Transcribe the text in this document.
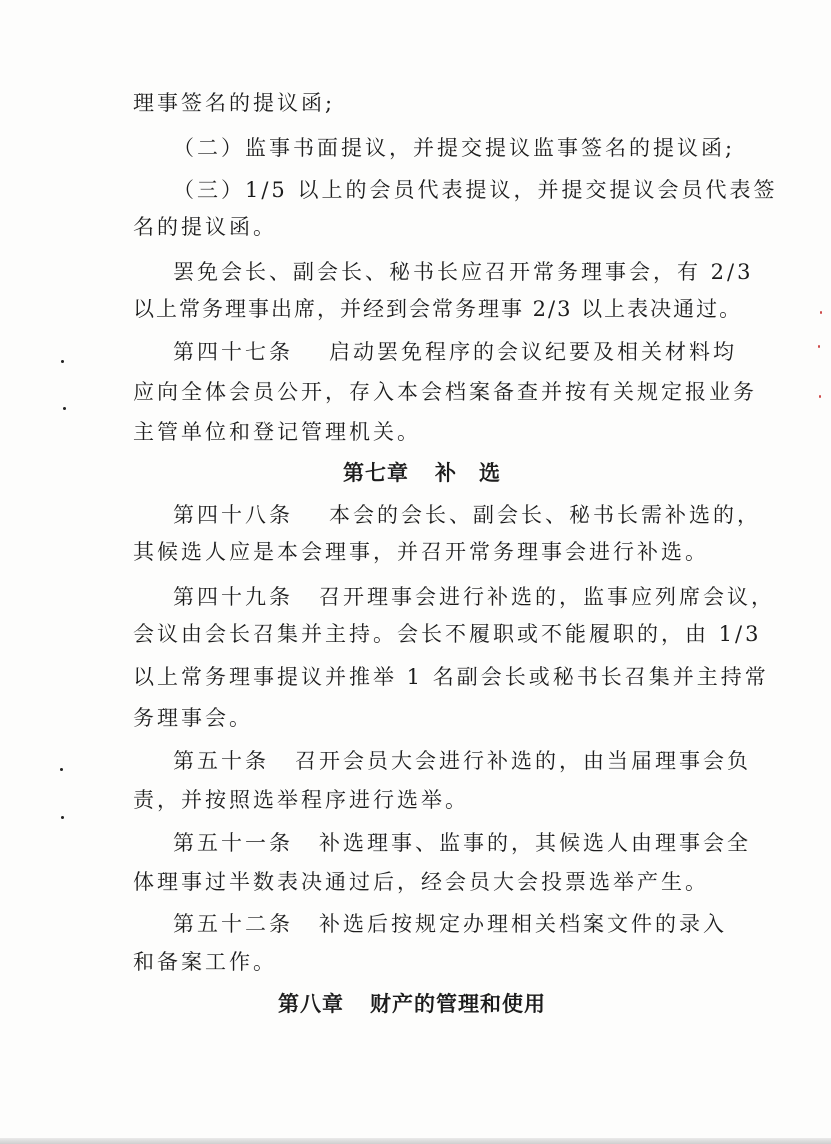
理事签名的提议函;
（二）监事书面提议，并提交提议监事签名的提议函;
（三）1/5 以上的会员代表提议，并提交提议会员代表签
名的提议函。
罢免会长、副会长、秘书长应召开常务理事会，有 2/3
以上常务理事出席，并经到会常务理事 2/3 以上表决通过。
第四十七条 启动罢免程序的会议纪要及相关材料均
应向全体会员公开，存入本会档案备查并按有关规定报业务
主管单位和登记管理机关。
第七章 补　选
第四十八条 本会的会长、副会长、秘书长需补选的，
其候选人应是本会理事，并召开常务理事会进行补选。
第四十九条 召开理事会进行补选的，监事应列席会议，
会议由会长召集并主持。会长不履职或不能履职的，由 1/3
以上常务理事提议并推举 1 名副会长或秘书长召集并主持常
务理事会。
第五十条 召开会员大会进行补选的，由当届理事会负
责，并按照选举程序进行选举。
第五十一条 补选理事、监事的，其候选人由理事会全
体理事过半数表决通过后，经会员大会投票选举产生。
第五十二条 补选后按规定办理相关档案文件的录入
和备案工作。
第八章 财产的管理和使用
